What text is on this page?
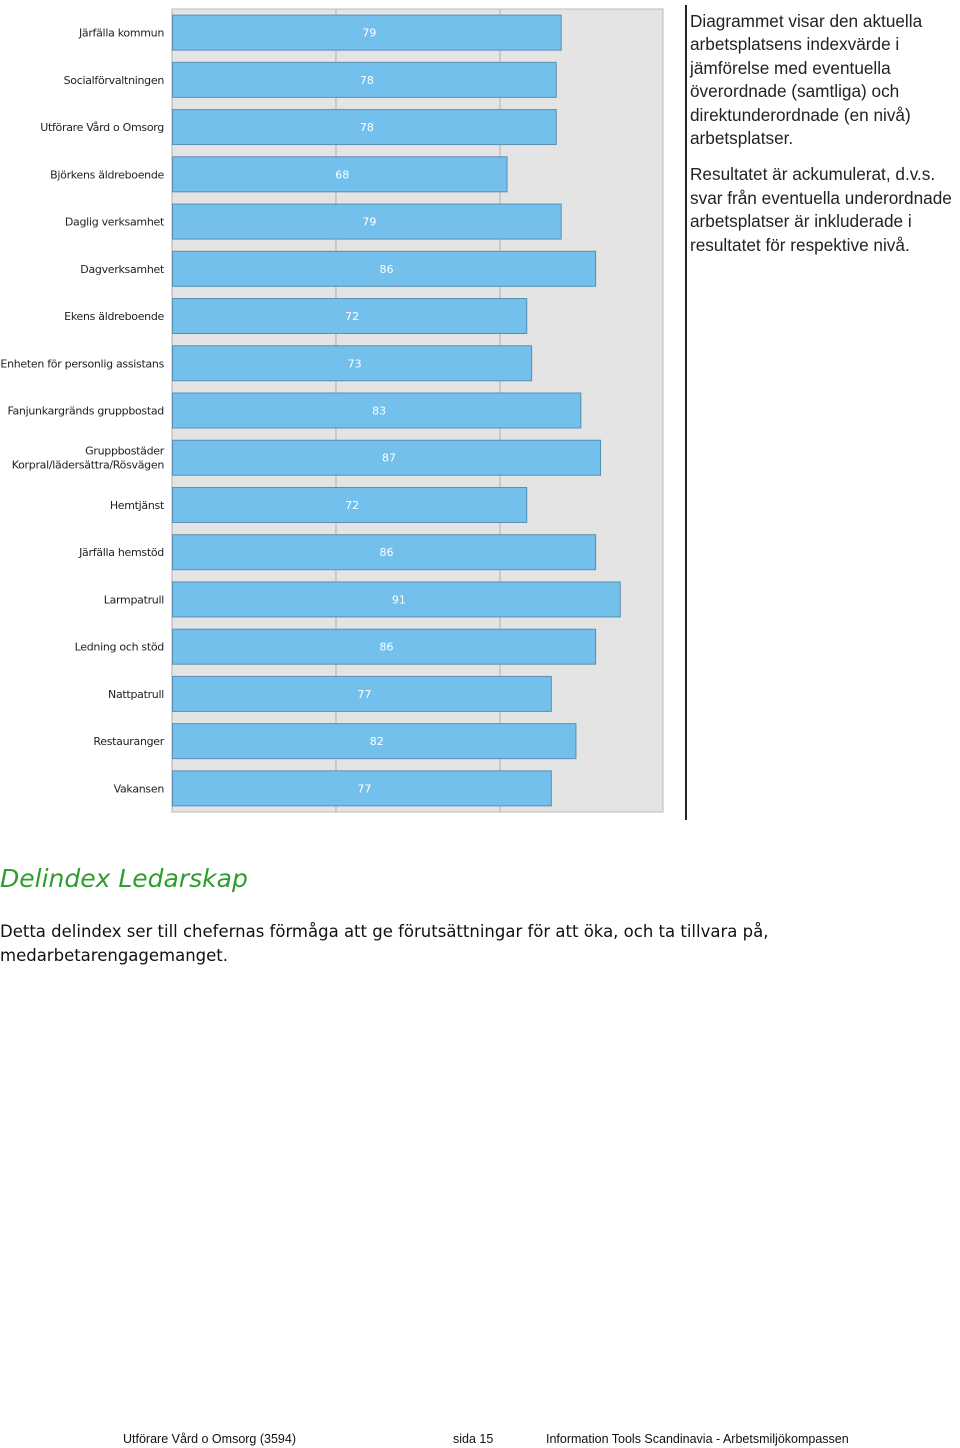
79
Järfälla kommun
78
Socialförvaltningen
78
Utförare Vård o Omsorg
68
Björkens äldreboende
79
Daglig verksamhet
86
Dagverksamhet
72
Ekens äldreboende
73
Enheten för personlig assistans
83
Fanjunkargränds gruppbostad
87
Gruppbostäder
Korpral/lädersättra/Rösvägen
72
Hemtjänst
86
Järfälla hemstöd
91
Larmpatrull
86
Ledning och stöd
77
Nattpatrull
82
Restauranger
77
Vakansen

Diagrammet visar den aktuella arbetsplatsens indexvärde i jämförelse med eventuella överordnade (samtliga) och direktunderordnade (en nivå) arbetsplatser.

Resultatet är ackumulerat, d.v.s. svar från eventuella underordnade arbetsplatser är inkluderade i resultatet för respektive nivå.

Delindex Ledarskap
Detta delindex ser till chefernas förmåga att ge förutsättningar för att öka, och ta tillvara på, medarbetarengagemanget.
Utförare Vård o Omsorg (3594)	sida 15	Information Tools Scandinavia - Arbetsmiljökompassen
